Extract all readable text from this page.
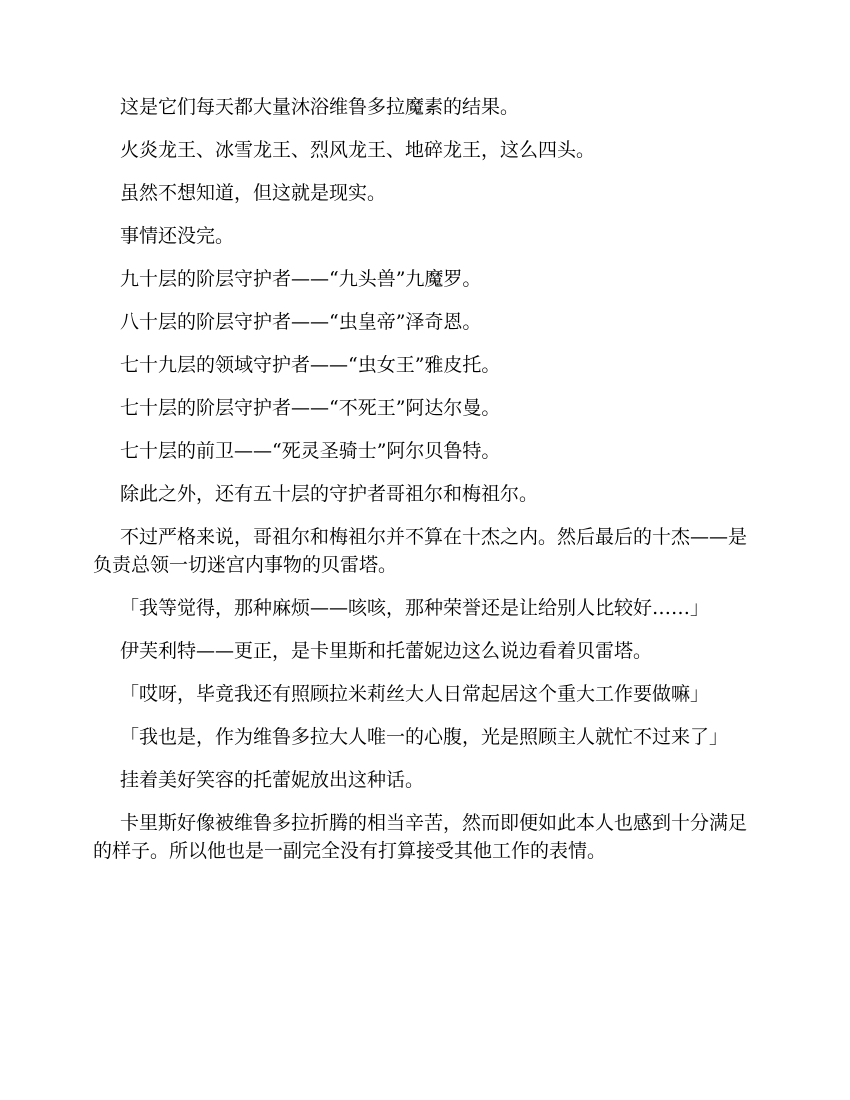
这是它们每天都大量沐浴维鲁多拉魔素的结果。

火炎龙王、冰雪龙王、烈风龙王、地碎龙王，这么四头。

虽然不想知道，但这就是现实。

事情还没完。

九十层的阶层守护者——“九头兽”九魔罗。

八十层的阶层守护者——“虫皇帝”泽奇恩。

七十九层的领域守护者——“虫女王”雅皮托。

七十层的阶层守护者——“不死王”阿达尔曼。

七十层的前卫——“死灵圣骑士”阿尔贝鲁特。

除此之外，还有五十层的守护者哥祖尔和梅祖尔。

不过严格来说，哥祖尔和梅祖尔并不算在十杰之内。然后最后的十杰——是负责总领一切迷宫内事物的贝雷塔。

「我等觉得，那种麻烦——咳咳，那种荣誉还是让给别人比较好……」

伊芙利特——更正，是卡里斯和托蕾妮边这么说边看着贝雷塔。

「哎呀，毕竟我还有照顾拉米莉丝大人日常起居这个重大工作要做嘛」

「我也是，作为维鲁多拉大人唯一的心腹，光是照顾主人就忙不过来了」

挂着美好笑容的托蕾妮放出这种话。

卡里斯好像被维鲁多拉折腾的相当辛苦，然而即便如此本人也感到十分满足的样子。所以他也是一副完全没有打算接受其他工作的表情。
